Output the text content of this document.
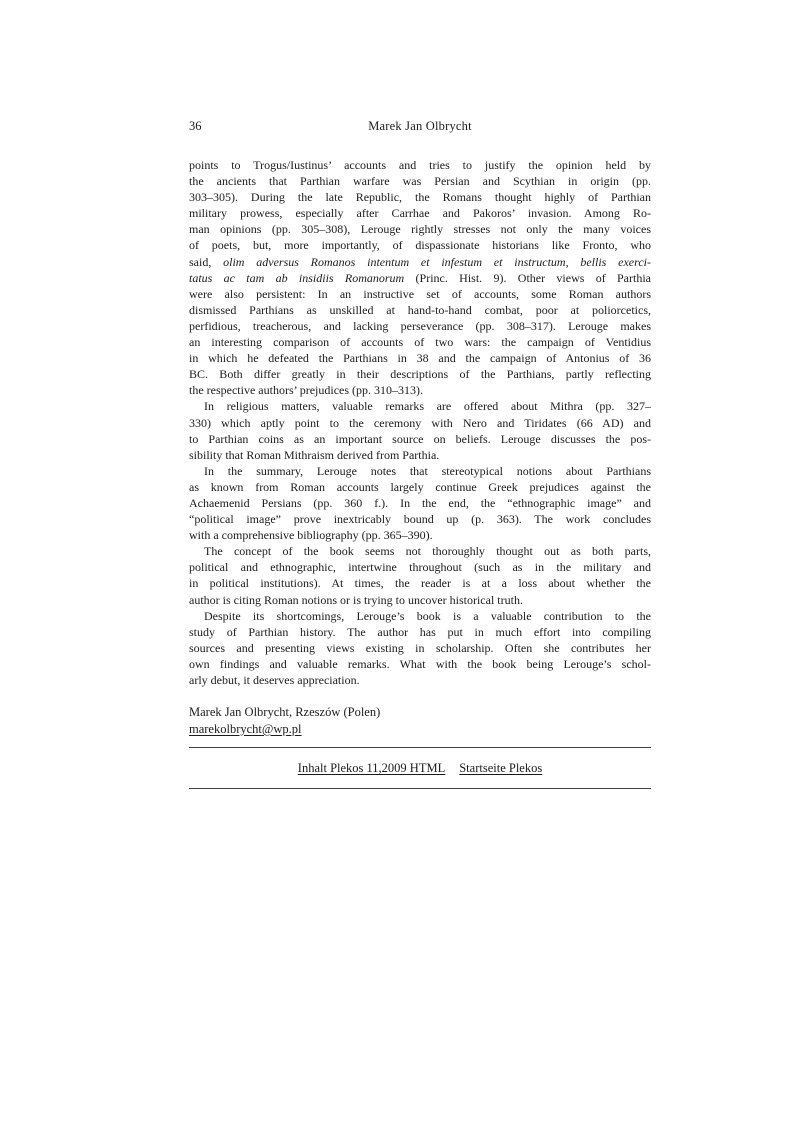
36	Marek Jan Olbrycht
points to Trogus/Iustinus’ accounts and tries to justify the opinion held by
the ancients that Parthian warfare was Persian and Scythian in origin (pp.
303–305). During the late Republic, the Romans thought highly of Parthian
military prowess, especially after Carrhae and Pakoros’ invasion. Among Ro-
man opinions (pp. 305–308), Lerouge rightly stresses not only the many voices
of poets, but, more importantly, of dispassionate historians like Fronto, who
said, olim adversus Romanos intentum et infestum et instructum, bellis exerci-
tatus ac tam ab insidiis Romanorum (Princ. Hist. 9). Other views of Parthia
were also persistent: In an instructive set of accounts, some Roman authors
dismissed Parthians as unskilled at hand-to-hand combat, poor at poliorcetics,
perfidious, treacherous, and lacking perseverance (pp. 308–317). Lerouge makes
an interesting comparison of accounts of two wars: the campaign of Ventidius
in which he defeated the Parthians in 38 and the campaign of Antonius of 36
BC. Both differ greatly in their descriptions of the Parthians, partly reflecting
the respective authors’ prejudices (pp. 310–313).
In religious matters, valuable remarks are offered about Mithra (pp. 327–
330) which aptly point to the ceremony with Nero and Tiridates (66 AD) and
to Parthian coins as an important source on beliefs. Lerouge discusses the pos-
sibility that Roman Mithraism derived from Parthia.
In the summary, Lerouge notes that stereotypical notions about Parthians
as known from Roman accounts largely continue Greek prejudices against the
Achaemenid Persians (pp. 360 f.). In the end, the “ethnographic image” and
“political image” prove inextricably bound up (p. 363). The work concludes
with a comprehensive bibliography (pp. 365–390).
The concept of the book seems not thoroughly thought out as both parts,
political and ethnographic, intertwine throughout (such as in the military and
in political institutions). At times, the reader is at a loss about whether the
author is citing Roman notions or is trying to uncover historical truth.
Despite its shortcomings, Lerouge’s book is a valuable contribution to the
study of Parthian history. The author has put in much effort into compiling
sources and presenting views existing in scholarship. Often she contributes her
own findings and valuable remarks. What with the book being Lerouge’s schol-
arly debut, it deserves appreciation.
Marek Jan Olbrycht, Rzeszów (Polen)
marekolbrycht@wp.pl
Inhalt Plekos 11,2009 HTML Startseite Plekos
